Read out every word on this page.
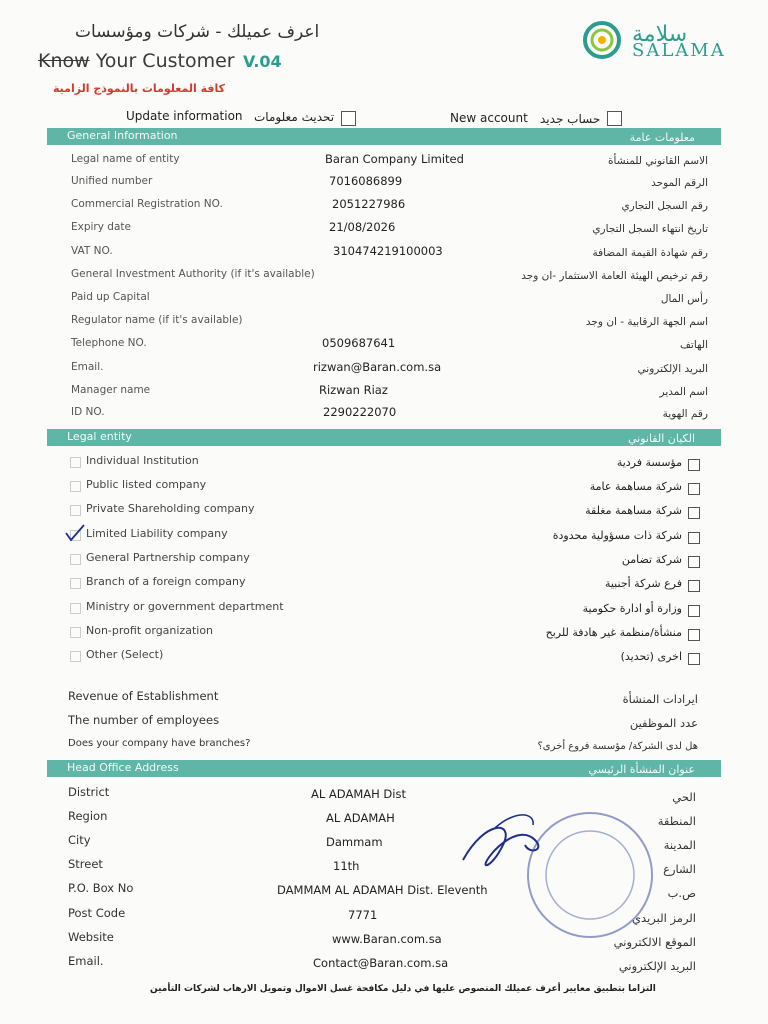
اعرف عميلك - شركات ومؤسسات
Know Your Customer V.04
كافة المعلومات بالنموذج الزامية
سلامة
SALAMA
Update information تحديث معلومات	New account حساب جديد
General Information	معلومات عامة
Legal name of entity	Baran Company Limited	الاسم القانوني للمنشأة
Unified number	7016086899	الرقم الموحد
Commercial Registration NO.	2051227986	رقم السجل التجاري
Expiry date	21/08/2026	تاريخ انتهاء السجل التجاري
VAT NO.	310474219100003	رقم شهادة القيمة المضافة
General Investment Authority (if it's available)	رقم ترخيص الهيئة العامة الاستثمار -ان وجد
Paid up Capital	رأس المال
Regulator name (if it's available)	اسم الجهة الرقابية - ان وجد
Telephone NO.	0509687641	الهاتف
Email.	rizwan@Baran.com.sa	البريد الإلكتروني
Manager name	Rizwan Riaz	اسم المدير
ID NO.	2290222070	رقم الهوية
Legal entity	الكيان القانوني
Individual Institution	مؤسسة فردية
Public listed company	شركة مساهمة عامة
Private Shareholding company	شركة مساهمة مغلقة
Limited Liability company	شركة ذات مسؤولية محدودة
General Partnership company	شركة تضامن
Branch of a foreign company	فرع شركة أجنبية
Ministry or government department	وزارة أو ادارة حكومية
Non-profit organization	منشأة/منظمة غير هادفة للربح
Other (Select)	اخرى (تحديد)
Revenue of Establishment	ايرادات المنشأة
The number of employees	عدد الموظفين
Does your company have branches?	هل لدى الشركة/ مؤسسة فروع أخرى؟
Head Office Address	عنوان المنشأة الرئيسي
District	AL ADAMAH Dist	الحي
Region	AL ADAMAH	المنطقة
City	Dammam	المدينة
Street	11th	الشارع
P.O. Box No	DAMMAM AL ADAMAH Dist. Eleventh	ص.ب
Post Code	7771	الرمز البريدي
Website	www.Baran.com.sa	الموقع الالكتروني
Email.	Contact@Baran.com.sa	البريد الإلكتروني
التزاما بتطبيق معايير أعرف عميلك المنصوص عليها في دليل مكافحة غسل الاموال وتمويل الارهاب لشركات التأمين
